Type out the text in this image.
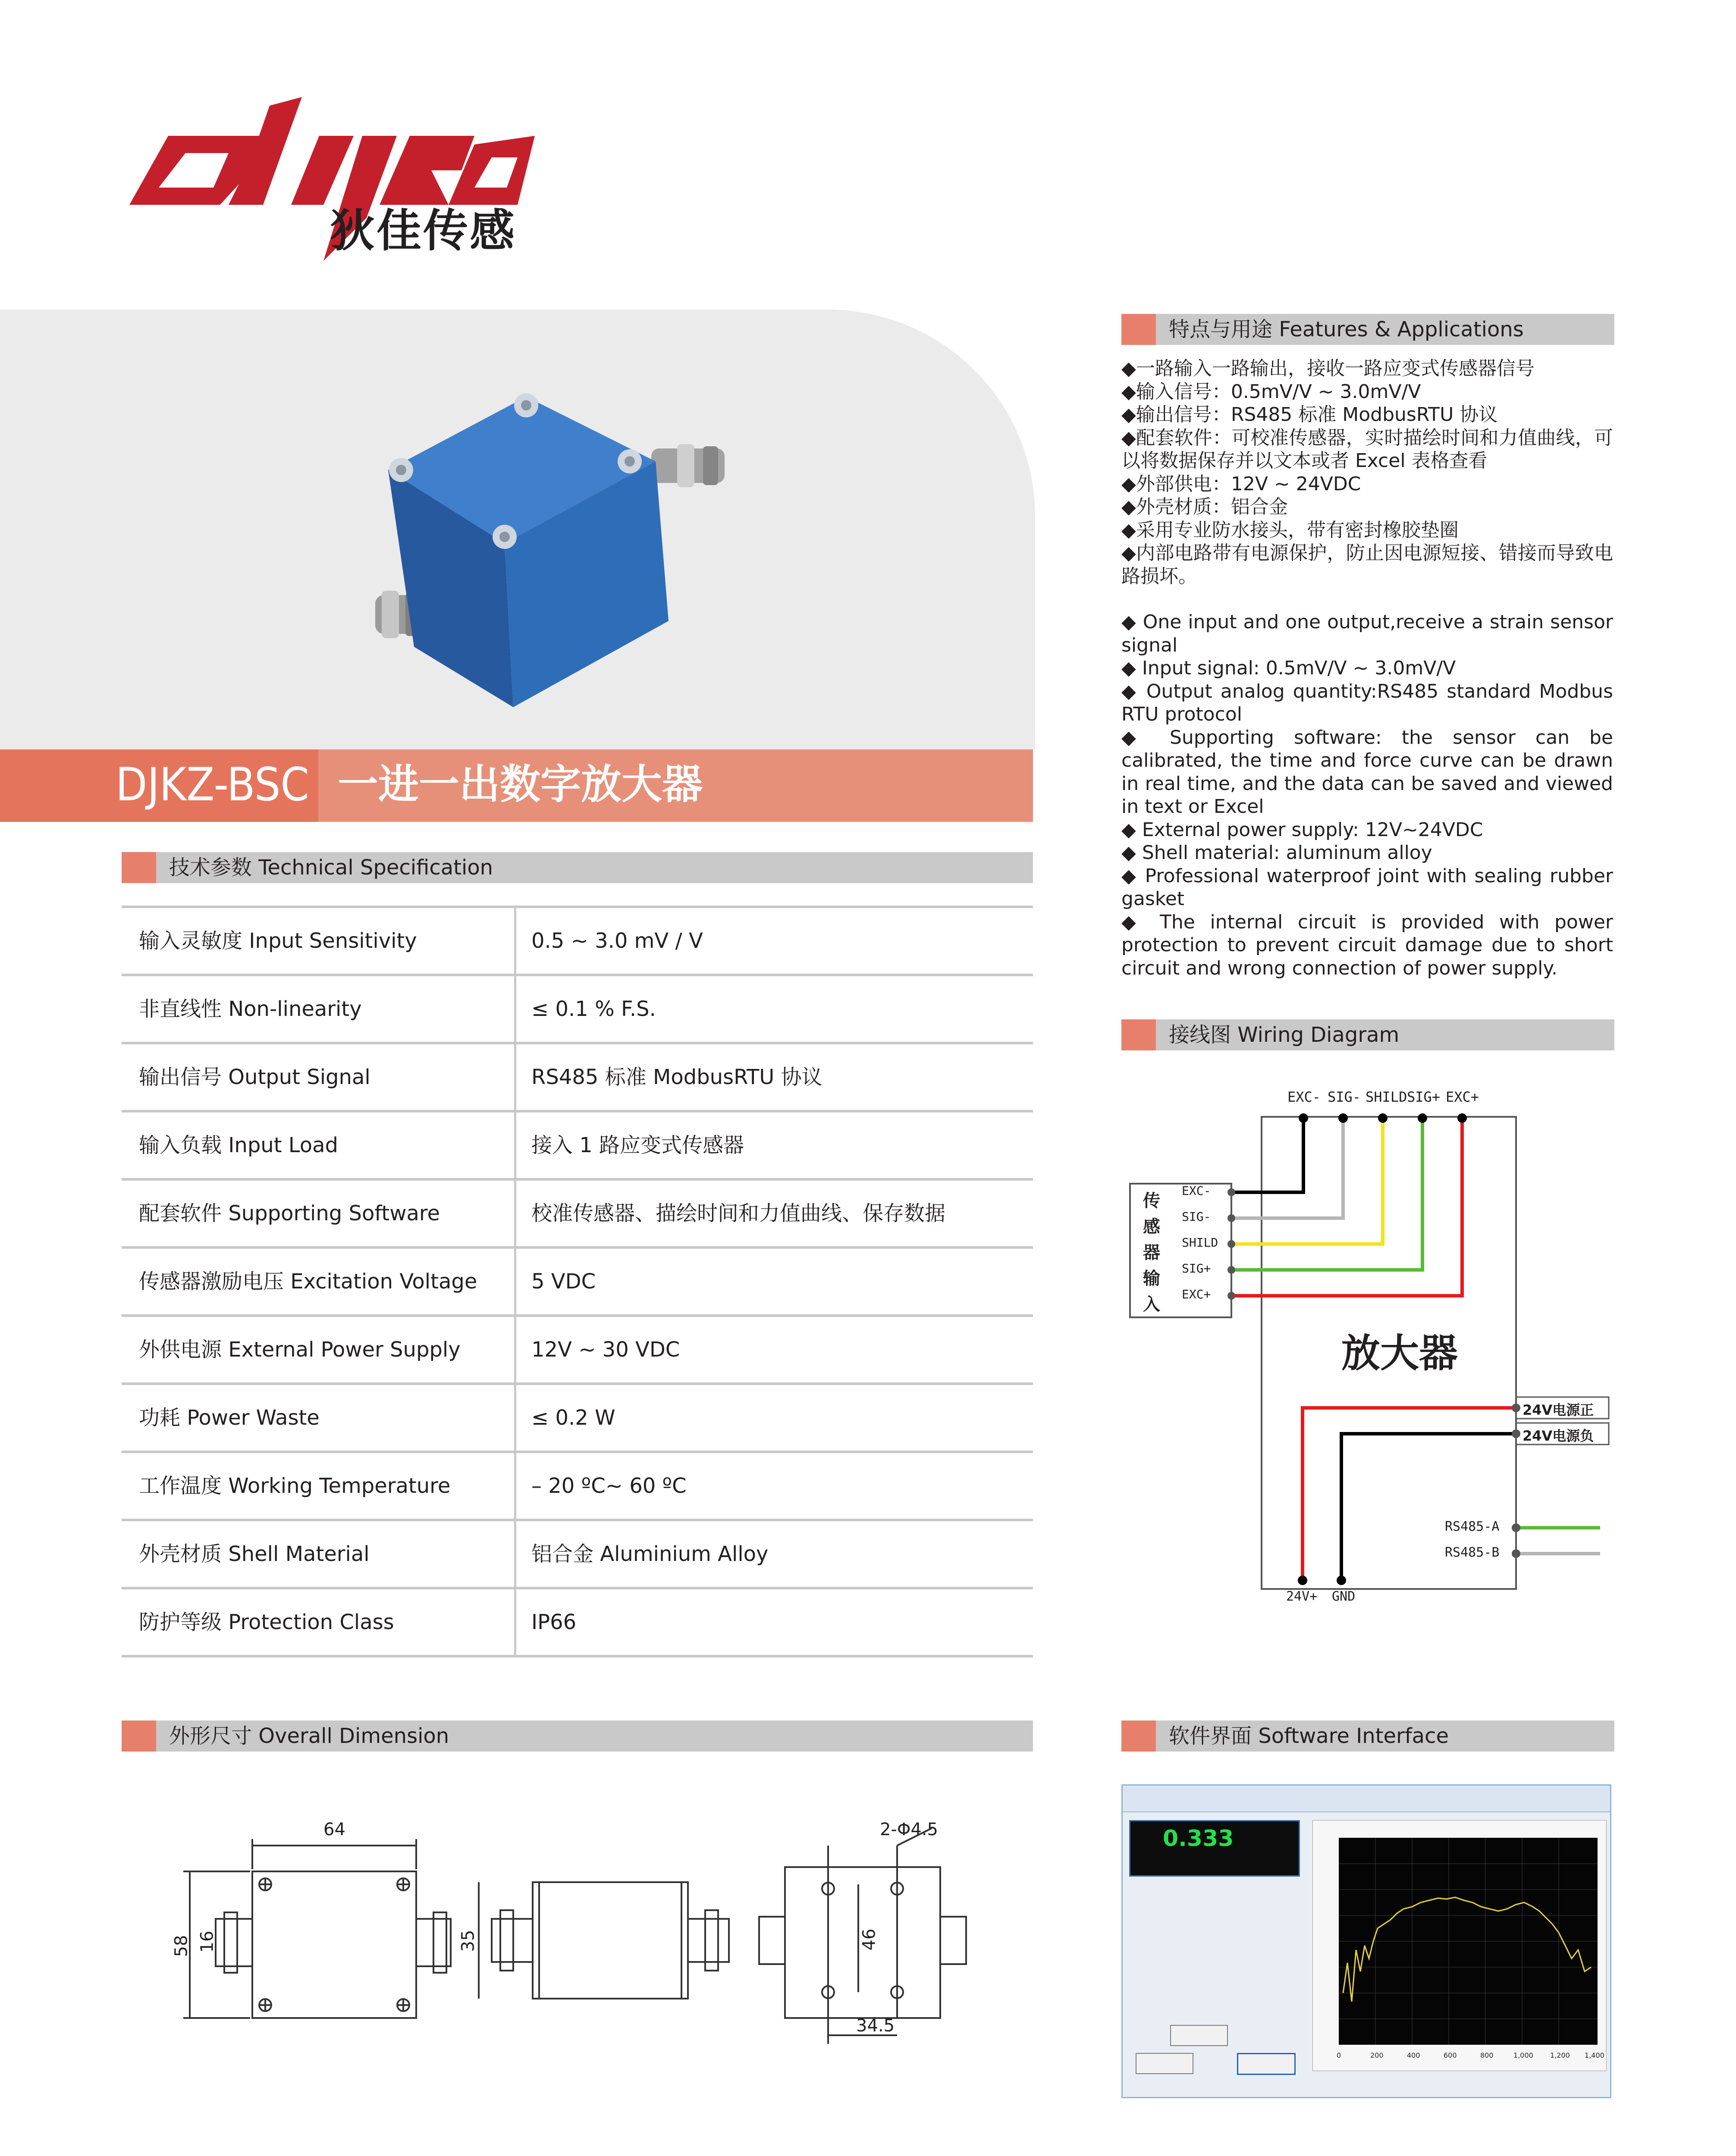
狄佳传感
DJKZ-BSC 一进一出数字放大器
技术参数 Technical Specification
输入灵敏度 Input Sensitivity	0.5 ~ 3.0 mV / V
非直线性 Non-linearity	≤ 0.1 % F.S.
输出信号 Output Signal	RS485 标准 ModbusRTU 协议
输入负载 Input Load	接入 1 路应变式传感器
配套软件 Supporting Software	校准传感器、描绘时间和力值曲线、保存数据
传感器激励电压 Excitation Voltage	5 VDC
外供电源 External Power Supply	12V ~ 30 VDC
功耗 Power Waste	≤ 0.2 W
工作温度 Working Temperature	– 20 ºC~ 60 ºC
外壳材质 Shell Material	铝合金 Aluminium Alloy
防护等级 Protection Class	IP66
特点与用途 Features & Applications

◆一路输入一路输出，接收一路应变式传感器信号

◆输入信号：0.5mV/V ~ 3.0mV/V

◆输出信号：RS485 标准 ModbusRTU 协议

◆配套软件：可校准传感器，实时描绘时间和力值曲线，可以将数据保存并以文本或者 Excel 表格查看

◆外部供电：12V ~ 24VDC

◆外壳材质：铝合金

◆采用专业防水接头，带有密封橡胶垫圈

◆内部电路带有电源保护，防止因电源短接、错接而导致电路损坏。

◆ One input and one output,receive a strain sensor signal

◆ Input signal: 0.5mV/V ~ 3.0mV/V

◆ Output analog quantity:RS485 standard Modbus RTU protocol

◆ Supporting software: the sensor can be calibrated, the time and force curve can be drawn in real time, and the data can be saved and viewed in text or Excel

◆ External power supply: 12V~24VDC

◆ Shell material: aluminum alloy

◆ Professional waterproof joint with sealing rubber gasket

◆ The internal circuit is provided with power protection to prevent circuit damage due to short circuit and wrong connection of power supply.

接线图 Wiring Diagram
EXC- SIG- SHILD SIG+ EXC+
传
感
器
输
入
EXC-
SIG-
SHILD
SIG+
EXC+
放大器
24V电源正
24V电源负
RS485-A
RS485-B
24V+ GND
外形尺寸 Overall Dimension
64
58 16	35
2-Φ4.5
46
34.5
软件界面 Software Interface
0.333
0	200	400	600	800	1,000 1,200 1,400
